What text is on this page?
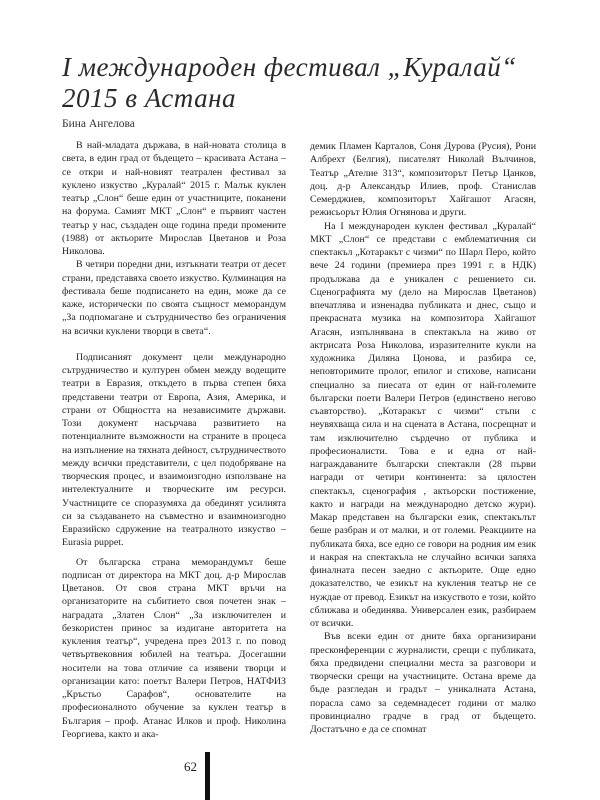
I международен фестивал „Куралай“ 2015 в Астана
Бина Ангелова

В най-младата държава, в най-новата столица в света, в един град от бъдещето – красивата Астана – се откри и най-новият театрален фестивал за куклено изкуство „Куралай“ 2015 г. Малък куклен театър „Слон“ беше един от участниците, поканени на форума. Самият МКТ „Слон“ е първият частен театър у нас, създаден още година преди промените (1988) от актьорите Мирослав Цветанов и Роза Николова.

В четири поредни дни, изтъкнати театри от десет страни, представяха своето изкуство. Кулминация на фестивала беше подписането на един, може да се каже, исторически по своята същност меморандум „За подпомагане и сътрудничество без ограничения на всички куклени творци в света“.

Подписаният документ цели международно сътрудничество и културен обмен между водещите театри в Евразия, откъдето в първа степен бяха представени театри от Европа, Азия, Америка, и страни от Общността на независимите държави. Този документ насърчава развитието на потенциалните възможности на страните в процеса на изпълнение на тяхната дейност, сътрудничеството между всички представители, с цел подобряване на творческия процес, и взаимоизгодно използване на интелектуалните и творческите им ресурси. Участниците се споразумяха да обединят усилията си за създаването на съвместно и взаимноизгодно Евразийско сдружение на театралното изкуство – Eurasia puppet.

От българска страна меморандумът беше подписан от директора на МКТ доц. д-р Мирослав Цветанов. От своя страна МКТ връчи на организаторите на събитието своя почетен знак – наградата „Златен Слон“ „За изключителен и безкористен принос за издигане авторитета на кукления театър“, учредена през 2013 г. по повод четвъртвековния юбилей на театъра. Досегашни носители на това отличие са изявени творци и организации като: поетът Валери Петров, НАТФИЗ „Кръстьо Сарафов“, основателите на професионалното обучение за куклен театър в България – проф. Атанас Илков и проф. Николина Георгиева, както и ака-

демик Пламен Карталов, Соня Дурова (Русия), Рони Албрехт (Белгия), писателят Николай Вълчинов, Театър „Ателие 313“, композиторът Петър Цанков, доц. д-р Александър Илиев, проф. Станислав Семерджиев, композиторът Хайгашот Агасян, режисьорът Юлия Огнянова и други.

На I международен куклен фестивал „Куралай“ МКТ „Слон“ се представи с емблематичния си спектакъл „Котаракът с чизми“ по Шарл Перо, който вече 24 години (премиера през 1991 г. в НДК) продължава да е уникален с решението си. Сценографията му (дело на Мирослав Цветанов) впечатлява и изненадва публиката и днес, също и прекрасната музика на композитора Хайгашот Агасян, изпълнявана в спектакъла на живо от актрисата Роза Николова, изразителните кукли на художника Диляна Цонова, и разбира се, неповторимите пролог, епилог и стихове, написани специално за пиесата от един от най-големите български поети Валери Петров (единствено негово съавторство). „Котаракът с чизми“ стъпи с неувяхваща сила и на сцената в Астана, посрещнат и там изключително сърдечно от публика и професионалисти. Това е и една от най-награждаваните български спектакли (28 първи награди от четири континента: за цялостен спектакъл, сценография , актьорски постижение, както и награди на международно детско жури). Макар представен на български език, спектакълът беше разбран и от малки, и от големи. Реакциите на публиката бяха, все едно се говори на родния им език и накрая на спектакъла не случайно всички запяха финалната песен заедно с актьорите. Още едно доказателство, че езикът на кукления театър не се нуждае от превод. Езикът на изкуството е този, който сближава и обединява. Универсален език, разбираем от всички.

Във всеки един от дните бяха организирани пресконференции с журналисти, срещи с публиката, бяха предвидени специални места за разговори и творчески срещи на участниците. Остана време да бъде разгледан и градът – уникалната Астана, порасла само за седемнадесет години от малко провинциално градче в град от бъдещето. Достатъчно е да се спомнат

62
